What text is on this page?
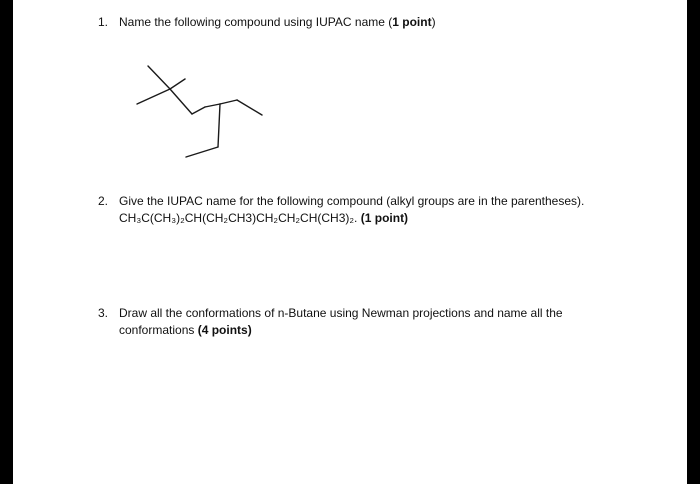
1. Name the following compound using IUPAC name (1 point)
2. Give the IUPAC name for the following compound (alkyl groups are in the parentheses).
CH₃C(CH₃)₂CH(CH₂CH3)CH₂CH₂CH(CH3)₂. (1 point)
3. Draw all the conformations of n-Butane using Newman projections and name all the
conformations (4 points)
